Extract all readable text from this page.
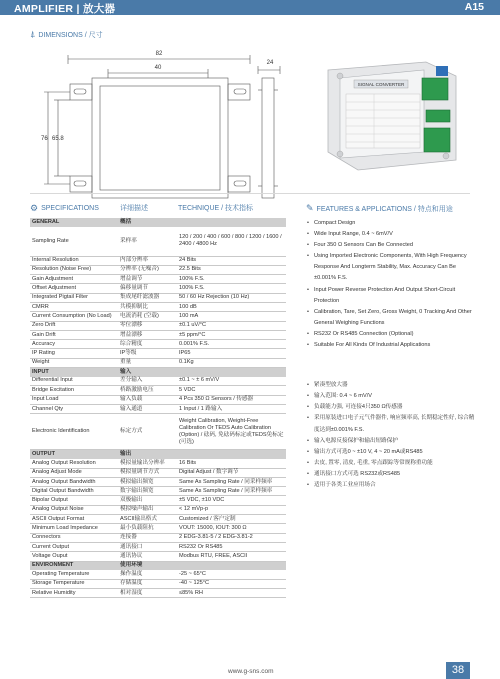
AMPLIFIER | 放大器	A15
⍋ DIMENSIONS / 尺寸
82
40
24
76 65.8
SIGNAL CONVERTER
⚙ SPECIFICATIONS	详细描述	TECHNIQUE / 技术指标
GENERAL	概括	
Sampling Rate	采样率	120 / 200 / 400 / 600 / 800 / 1200 / 1600 / 2400 / 4800 Hz
Internal Resolution	内部分辨率	24 Bits
Resolution (Noise Free)	分辨率 (无噪音)	22.5 Bits
Gain Adjustment	增益调节	100% F.S.
Offset Adjustment	偏移量调节	100% F.S.
Integrated Pigtail Filter	集成尾纤滤波器	50 / 60 Hz Rejection (10 Hz)
CMRR	共模抑制比	100 dB
Current Consumption (No Load)	电流消耗 (空载)	100 mA
Zero Drift	零位漂移	±0.1 uV/°C
Gain Drift	增益漂移	±5 ppm/°C
Accuracy	综合精度	0.001% F.S.
IP Rating	IP等级	IP65
Weight	重量	0.1Kg
INPUT	输入	
Differential Input	差分输入	±0.1 ~ ± 6 mV/V
Bridge Excitation	桥路激励电压	5 VDC
Input Load	输入负载	4 Pcs 350 Ω Sensors / 传感器
Channel Qty	输入通道	1 Input / 1 路输入
Electronic Identification	标定方式	Weight Calibration, Weight-Free Calibration Or TEDS Auto Calibration (Option) / 砝码, 免砝码标定或TEDS免标定 (可选)
OUTPUT	输出	
Analog Output Resolution	模拟量输出分辨率	16 Bits
Analog Adjust Mode	模拟量调节方式	Digital Adjust / 数字调节
Analog Output Bandwidth	模拟输出频宽	Same As Sampling Rate / 同采样频率
Digital Output Bandwidth	数字输出频宽	Same As Sampling Rate / 同采样频率
Bipolar Output	双极输出	±5 VDC, ±10 VDC
Analog Output Noise	模拟噪声输出	< 12 mVp-p
ASCII Output Format	ASCII输出格式	Customized / 客户定制
Minimum Load Impedance	最小负载阻抗	VOUT: 15000, IOUT: 300 Ω
Connectors	连接器	2 EDG-3.81-5 / 2 EDG-3.81-2
Current Output	通讯接口	RS232 Or RS485
Voltage Ouput	通讯协议	Modbus RTU, FREE, ASCII
ENVIRONMENT	使用环境	
Operating Temperature	操作温度	-25 ~ 65°C
Storage Temperature	存储温度	-40 ~ 125°C
Relative Humidity	相对湿度	≤85% RH
✎ FEATURES & APPLICATIONS / 特点和用途
• Compact Design
• Wide Input Range, 0.4 ~ 6mV/V
• Four 350 Ω Sensors Can Be Connected
• Using Imported Electronic Components, With High Frequency Response And Longterm Stability, Max. Accuracy Can Be ±0.001% F.S.
• Input Power Reverse Protection And Output Short-Circuit Protection
• Calibration, Tare, Set Zero, Gross Weight, 0 Tracking And Other General Weighing Functions
• RS232 Or RS485 Connection (Optional)
• Suitable For All Kinds Of Industrial Applications
• 紧凑型放大器
• 输入范围: 0.4 ~ 6 mV/V
• 负载能力强, 可连接4只350 Ω传感器
• 采用原装进口电子元气件器件, 响应频率高, 长期稳定性好, 综合精度达到±0.001% F.S.
• 输入电源反接保护和输出短路保护
• 输出方式可选0 ~ ±10 V, 4 ~ 20 mA或RS485
• 去皮, 置零, 清皮, 毛重, 零点跟踪等常规称重功能
• 通讯接口方式可选 RS232或RS485
• 适用于各类工业应用场合
www.g-sns.com	38
